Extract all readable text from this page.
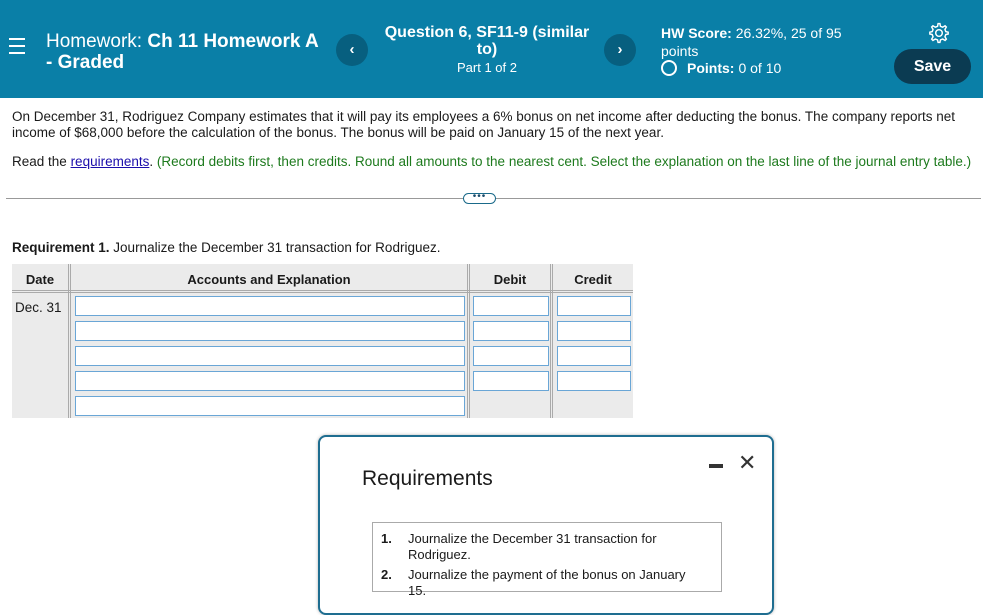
Homework: Ch 11 Homework A
- Graded
‹
Question 6, SF11-9 (similar to)
Part 1 of 2
›
HW Score: 26.32%, 25 of 95 points
Points: 0 of 10	Save
On December 31, Rodriguez Company estimates that it will pay its employees a 6% bonus on net income after deducting the bonus. The company reports net income of $68,000 before the calculation of the bonus. The bonus will be paid on January 15 of the next year.
Read the requirements. (Record debits first, then credits. Round all amounts to the nearest cent. Select the explanation on the last line of the journal entry table.)
•••
Requirement 1. Journalize the December 31 transaction for Rodriguez.
Date	Accounts and Explanation	Debit	Credit
Dec. 31
Requirements
✕
1. Journalize the December 31 transaction for Rodriguez.
2. Journalize the payment of the bonus on January 15.
